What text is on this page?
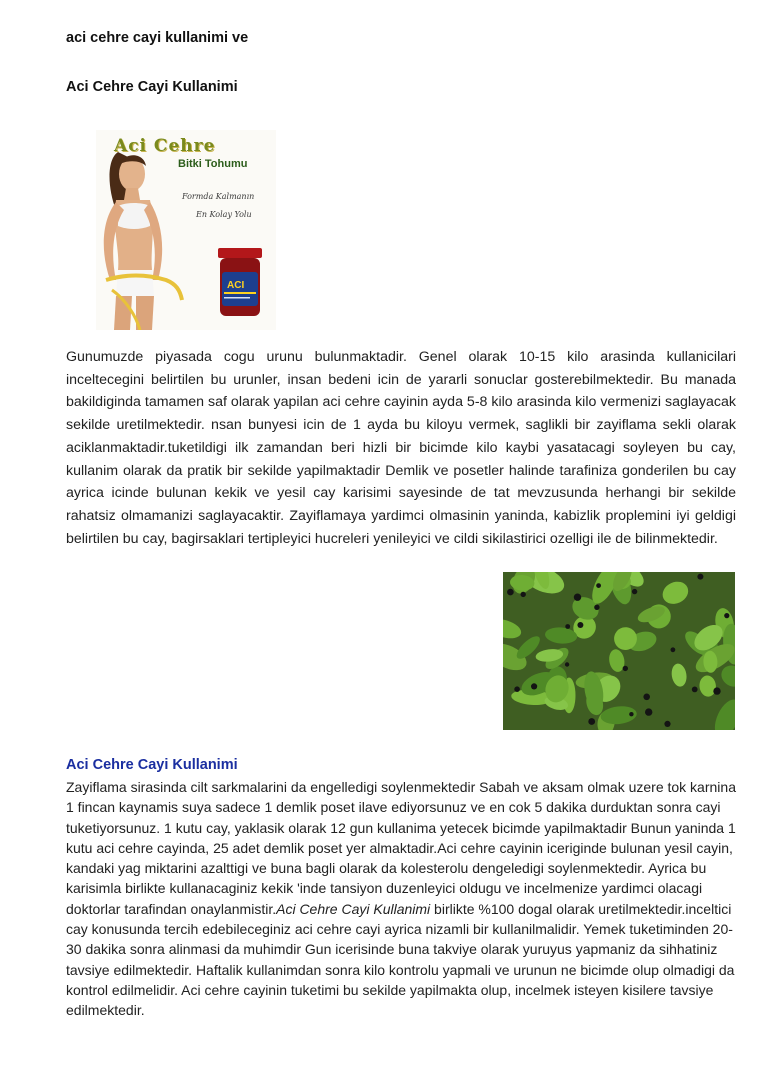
aci cehre cayi kullanimi ve
Aci Cehre Cayi Kullanimi
ACI
Aci Cehre
Bitki Tohumu
Formda Kalmanın
En Kolay Yolu

Gunumuzde piyasada cogu urunu bulunmaktadir. Genel olarak 10-15 kilo arasinda kullanicilari inceltecegini belirtilen bu urunler, insan bedeni icin de yararli sonuclar gosterebilmektedir. Bu manada bakildiginda tamamen saf olarak yapilan aci cehre cayinin ayda 5-8 kilo arasinda kilo vermenizi saglayacak sekilde uretilmektedir. nsan bunyesi icin de 1 ayda bu kiloyu vermek, saglikli bir zayiflama sekli olarak aciklanmaktadir.tuketildigi ilk zamandan beri hizli bir bicimde kilo kaybi yasatacagi soyleyen bu cay, kullanim olarak da pratik bir sekilde yapilmaktadir Demlik ve posetler halinde tarafiniza gonderilen bu cay ayrica icinde bulunan kekik ve yesil cay karisimi sayesinde de tat mevzusunda herhangi bir sekilde rahatsiz olmamanizi saglayacaktir. Zayiflamaya yardimci olmasinin yaninda, kabizlik proplemini iyi geldigi belirtilen bu cay, bagirsaklari tertipleyici hucreleri yenileyici ve cildi sikilastirici ozelligi ile de bilinmektedir.

Aci Cehre Cayi Kullanimi

Zayiflama sirasinda cilt sarkmalarini da engelledigi soylenmektedir Sabah ve aksam olmak uzere tok karnina 1 fincan kaynamis suya sadece 1 demlik poset ilave ediyorsunuz ve en cok 5 dakika durduktan sonra cayi tuketiyorsunuz. 1 kutu cay, yaklasik olarak 12 gun kullanima yetecek bicimde yapilmaktadir Bunun yaninda 1 kutu aci cehre cayinda, 25 adet demlik poset yer almaktadir.Aci cehre cayinin iceriginde bulunan yesil cayin, kandaki yag miktarini azalttigi ve buna bagli olarak da kolesterolu dengeledigi soylenmektedir. Ayrica bu karisimla birlikte kullanacaginiz kekik 'inde tansiyon duzenleyici oldugu ve incelmenize yardimci olacagi doktorlar tarafindan onaylanmistir.Aci Cehre Cayi Kullanimi birlikte %100 dogal olarak uretilmektedir.inceltici cay konusunda tercih edebileceginiz aci cehre cayi ayrica nizamli bir kullanilmalidir. Yemek tuketiminden 20-30 dakika sonra alinmasi da muhimdir Gun icerisinde buna takviye olarak yuruyus yapmaniz da sihhatiniz tavsiye edilmektedir. Haftalik kullanimdan sonra kilo kontrolu yapmali ve urunun ne bicimde olup olmadigi da kontrol edilmelidir. Aci cehre cayinin tuketimi bu sekilde yapilmakta olup, incelmek isteyen kisilere tavsiye edilmektedir.
